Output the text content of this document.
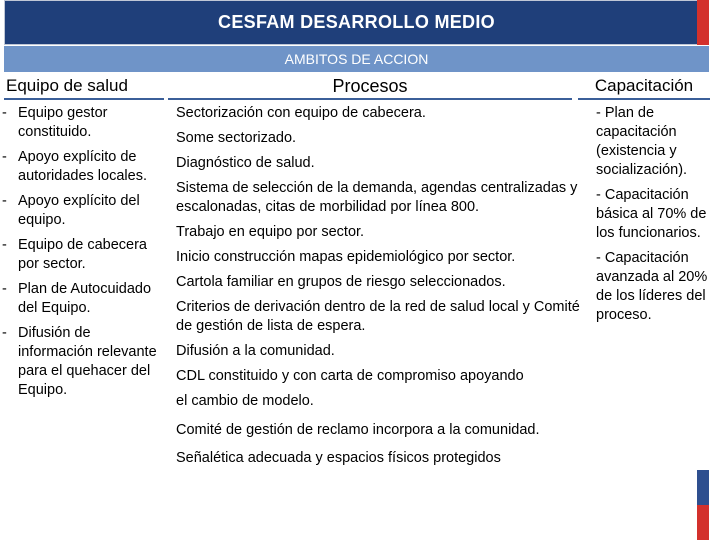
CESFAM DESARROLLO MEDIO
AMBITOS DE ACCION
Equipo de salud	Procesos	Capacitación
- Equipo gestor constituido.
- Apoyo explícito de autoridades locales.
- Apoyo explícito del equipo.
- Equipo de cabecera por sector.
- Plan de Autocuidado del Equipo.
- Difusión de información relevante para el quehacer del Equipo.
Sectorización con equipo de cabecera.
Some sectorizado.
Diagnóstico de salud.
Sistema de selección de la demanda, agendas centralizadas y escalonadas, citas de morbilidad por línea 800.
Trabajo en equipo por sector.
Inicio construcción mapas epidemiológico por sector.
Cartola familiar en grupos de riesgo seleccionados.
Criterios de derivación dentro de la red de salud local y Comité de gestión de lista de espera.
Difusión a la comunidad.
CDL constituido y con carta de compromiso apoyando
el cambio de modelo.
Comité de gestión de reclamo incorpora a la comunidad.
Señalética adecuada y espacios físicos protegidos
- Plan de capacitación (existencia y socialización).
- Capacitación básica al 70% de los funcionarios.
- Capacitación avanzada al 20% de los líderes del proceso.
